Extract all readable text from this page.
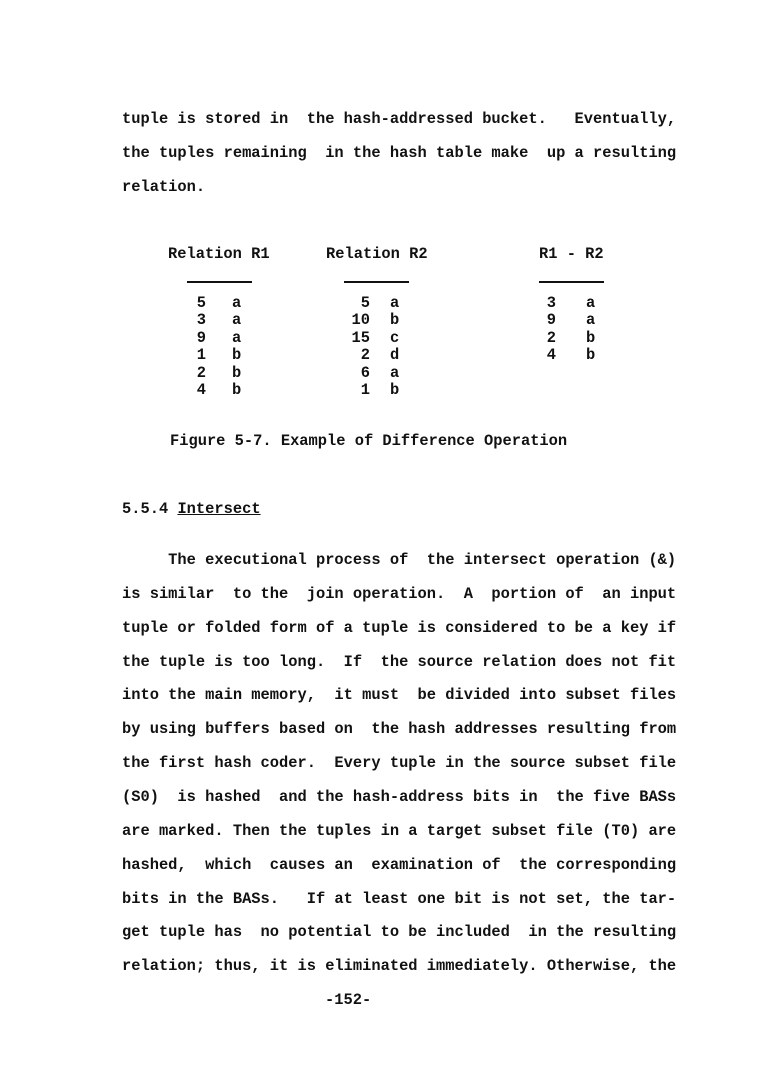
tuple is stored in  the hash-addressed bucket.   Eventually,
the tuples remaining  in the hash table make  up a resulting
relation.
Relation R1	Relation R2	R1 - R2
5 a
3 a
9 a
1 b
2 b
4 b
5 a
10 b
15 c
2 d
6 a
1 b
3 a
9 a
2 b
4 b
Figure 5-7. Example of Difference Operation
5.5.4 Intersect
The executional process of  the intersect operation (&)
is similar  to the  join operation.  A  portion of  an input
tuple or folded form of a tuple is considered to be a key if
the tuple is too long.  If  the source relation does not fit
into the main memory,  it must  be divided into subset files
by using buffers based on  the hash addresses resulting from
the first hash coder.  Every tuple in the source subset file
(S0)  is hashed  and the hash-address bits in  the five BASs
are marked. Then the tuples in a target subset file (T0) are
hashed,  which  causes an  examination of  the corresponding
bits in the BASs.   If at least one bit is not set, the tar-
get tuple has  no potential to be included  in the resulting
relation; thus, it is eliminated immediately. Otherwise, the
-152-
